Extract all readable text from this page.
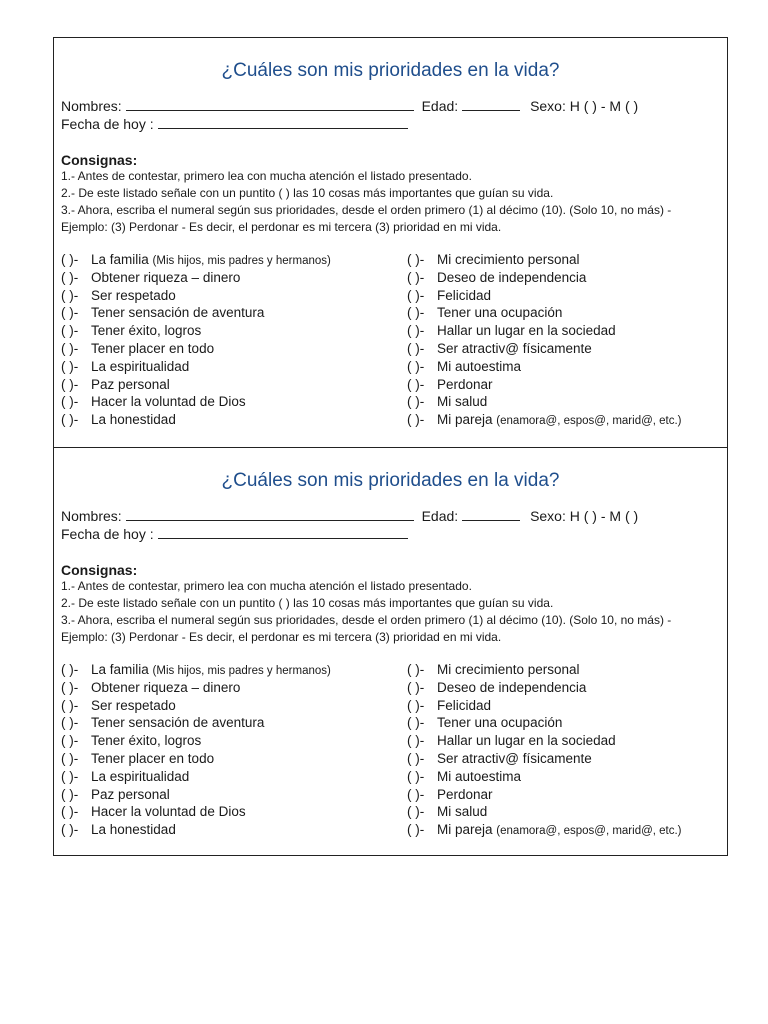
¿Cuáles son mis prioridades en la vida?
Nombres:	Edad:	Sexo: H ( ) - M ( )
Fecha de hoy :
Consignas:
1.- Antes de contestar, primero lea con mucha atención el listado presentado.
2.- De este listado señale con un puntito ( ) las 10 cosas más importantes que guían su vida.
3.- Ahora, escriba el numeral según sus prioridades, desde el orden primero (1) al décimo (10). (Solo 10, no más) - Ejemplo: (3) Perdonar - Es decir, el perdonar es mi tercera (3) prioridad en mi vida.
( )- La familia (Mis hijos, mis padres y hermanos)
( )- Obtener riqueza – dinero
( )- Ser respetado
( )- Tener sensación de aventura
( )- Tener éxito, logros
( )- Tener placer en todo
( )- La espiritualidad
( )- Paz personal
( )- Hacer la voluntad de Dios
( )- La honestidad
( )- Mi crecimiento personal
( )- Deseo de independencia
( )- Felicidad
( )- Tener una ocupación
( )- Hallar un lugar en la sociedad
( )- Ser atractiv@ físicamente
( )- Mi autoestima
( )- Perdonar
( )- Mi salud
( )- Mi pareja (enamora@, espos@, marid@, etc.)
¿Cuáles son mis prioridades en la vida?
Nombres:	Edad:	Sexo: H ( ) - M ( )
Fecha de hoy :
Consignas:
1.- Antes de contestar, primero lea con mucha atención el listado presentado.
2.- De este listado señale con un puntito ( ) las 10 cosas más importantes que guían su vida.
3.- Ahora, escriba el numeral según sus prioridades, desde el orden primero (1) al décimo (10). (Solo 10, no más) - Ejemplo: (3) Perdonar - Es decir, el perdonar es mi tercera (3) prioridad en mi vida.
( )- La familia (Mis hijos, mis padres y hermanos)
( )- Obtener riqueza – dinero
( )- Ser respetado
( )- Tener sensación de aventura
( )- Tener éxito, logros
( )- Tener placer en todo
( )- La espiritualidad
( )- Paz personal
( )- Hacer la voluntad de Dios
( )- La honestidad
( )- Mi crecimiento personal
( )- Deseo de independencia
( )- Felicidad
( )- Tener una ocupación
( )- Hallar un lugar en la sociedad
( )- Ser atractiv@ físicamente
( )- Mi autoestima
( )- Perdonar
( )- Mi salud
( )- Mi pareja (enamora@, espos@, marid@, etc.)
